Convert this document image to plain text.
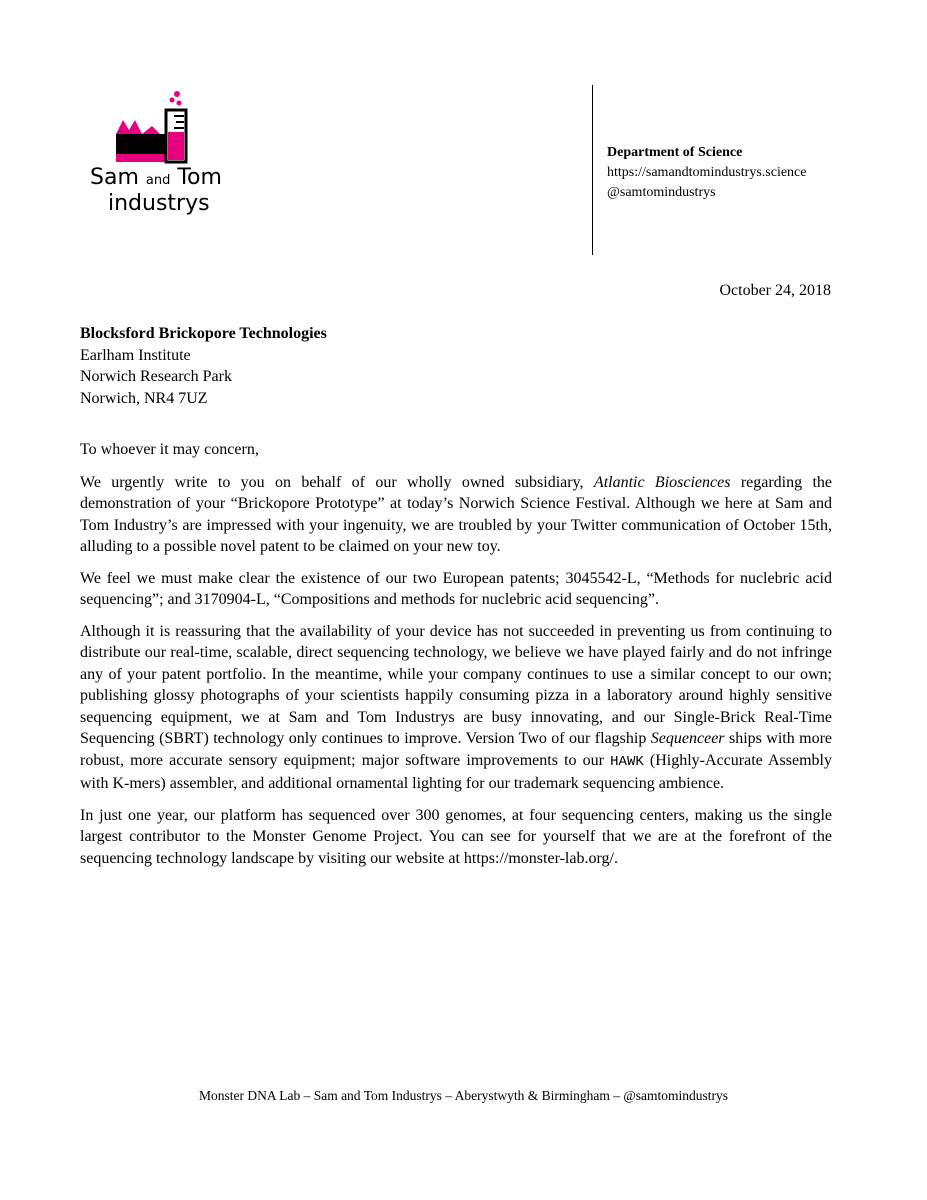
Sam and Tom
industrys
Department of Science
https://samandtomindustrys.science
@samtomindustrys
October 24, 2018
Blocksford Brickopore Technologies
Earlham Institute
Norwich Research Park
Norwich, NR4 7UZ

To whoever it may concern,

We urgently write to you on behalf of our wholly owned subsidiary, Atlantic Biosciences regarding the demonstration of your “Brickopore Prototype” at today’s Norwich Science Festival. Although we here at Sam and Tom Industry’s are impressed with your ingenuity, we are troubled by your Twitter communication of October 15th, alluding to a possible novel patent to be claimed on your new toy.

We feel we must make clear the existence of our two European patents; 3045542-L, “Methods for nuclebric acid sequencing”; and 3170904-L, “Compositions and methods for nuclebric acid sequencing”.

Although it is reassuring that the availability of your device has not succeeded in preventing us from continuing to distribute our real-time, scalable, direct sequencing technology, we believe we have played fairly and do not infringe any of your patent portfolio. In the meantime, while your company continues to use a similar concept to our own; publishing glossy photographs of your scientists happily consuming pizza in a laboratory around highly sensitive sequencing equipment, we at Sam and Tom Industrys are busy innovating, and our Single-Brick Real-Time Sequencing (SBRT) technology only continues to improve. Version Two of our flagship Sequenceer ships with more robust, more accurate sensory equipment; major software improvements to our HAWK (Highly-Accurate Assembly with K-mers) assembler, and additional ornamental lighting for our trademark sequencing ambience.

In just one year, our platform has sequenced over 300 genomes, at four sequencing centers, making us the single largest contributor to the Monster Genome Project. You can see for yourself that we are at the forefront of the sequencing technology landscape by visiting our website at https://monster-lab.org/.

Monster DNA Lab – Sam and Tom Industrys – Aberystwyth & Birmingham – @samtomindustrys
